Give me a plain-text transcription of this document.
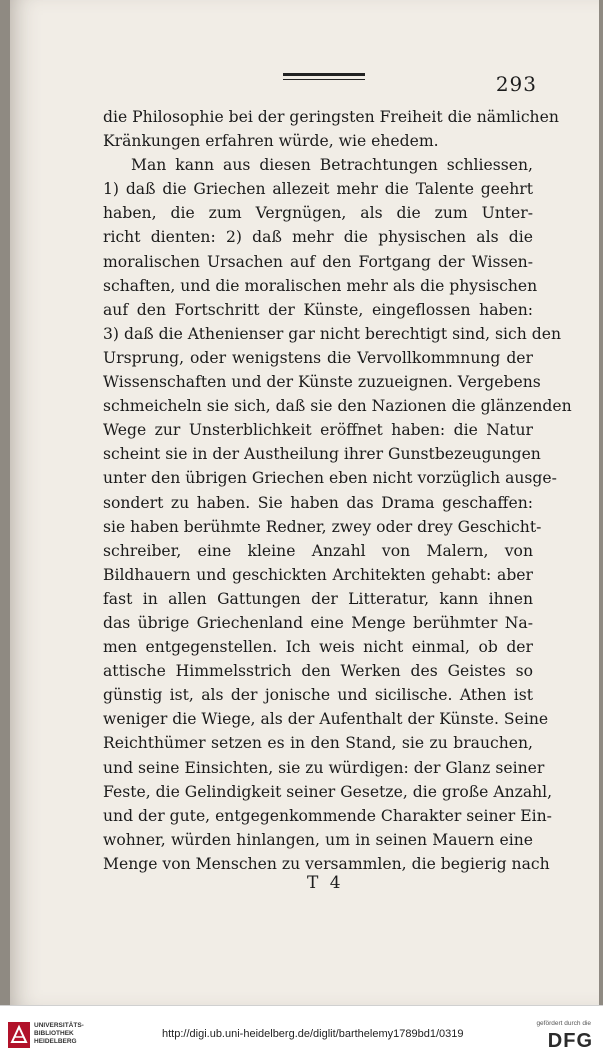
293
die Philosophie bei der geringsten Freiheit die nämlichen
Kränkungen erfahren würde, wie ehedem.
Man kann aus diesen Betrachtungen schliessen,
1) daß die Griechen allezeit mehr die Talente geehrt
haben, die zum Vergnügen, als die zum Unter-
richt dienten: 2) daß mehr die physischen als die
moralischen Ursachen auf den Fortgang der Wissen-
schaften, und die moralischen mehr als die physischen
auf den Fortschritt der Künste, eingeflossen haben:
3) daß die Athenienser gar nicht berechtigt sind, sich den
Ursprung, oder wenigstens die Vervollkommnung der
Wissenschaften und der Künste zuzueignen. Vergebens
schmeicheln sie sich, daß sie den Nazionen die glänzenden
Wege zur Unsterblichkeit eröffnet haben: die Natur
scheint sie in der Austheilung ihrer Gunstbezeugungen
unter den übrigen Griechen eben nicht vorzüglich ausge-
sondert zu haben. Sie haben das Drama geschaffen:
sie haben berühmte Redner, zwey oder drey Geschicht-
schreiber, eine kleine Anzahl von Malern, von
Bildhauern und geschickten Architekten gehabt: aber
fast in allen Gattungen der Litteratur, kann ihnen
das übrige Griechenland eine Menge berühmter Na-
men entgegenstellen. Ich weis nicht einmal, ob der
attische Himmelsstrich den Werken des Geistes so
günstig ist, als der jonische und sicilische. Athen ist
weniger die Wiege, als der Aufenthalt der Künste. Seine
Reichthümer setzen es in den Stand, sie zu brauchen,
und seine Einsichten, sie zu würdigen: der Glanz seiner
Feste, die Gelindigkeit seiner Gesetze, die große Anzahl,
und der gute, entgegenkommende Charakter seiner Ein-
wohner, würden hinlangen, um in seinen Mauern eine
Menge von Menschen zu versammlen, die begierig nach
T 4
UNIVERSITÄTS-
BIBLIOTHEK
HEIDELBERG
http://digi.ub.uni-heidelberg.de/diglit/barthelemy1789bd1/0319
gefördert durch die
DFG
